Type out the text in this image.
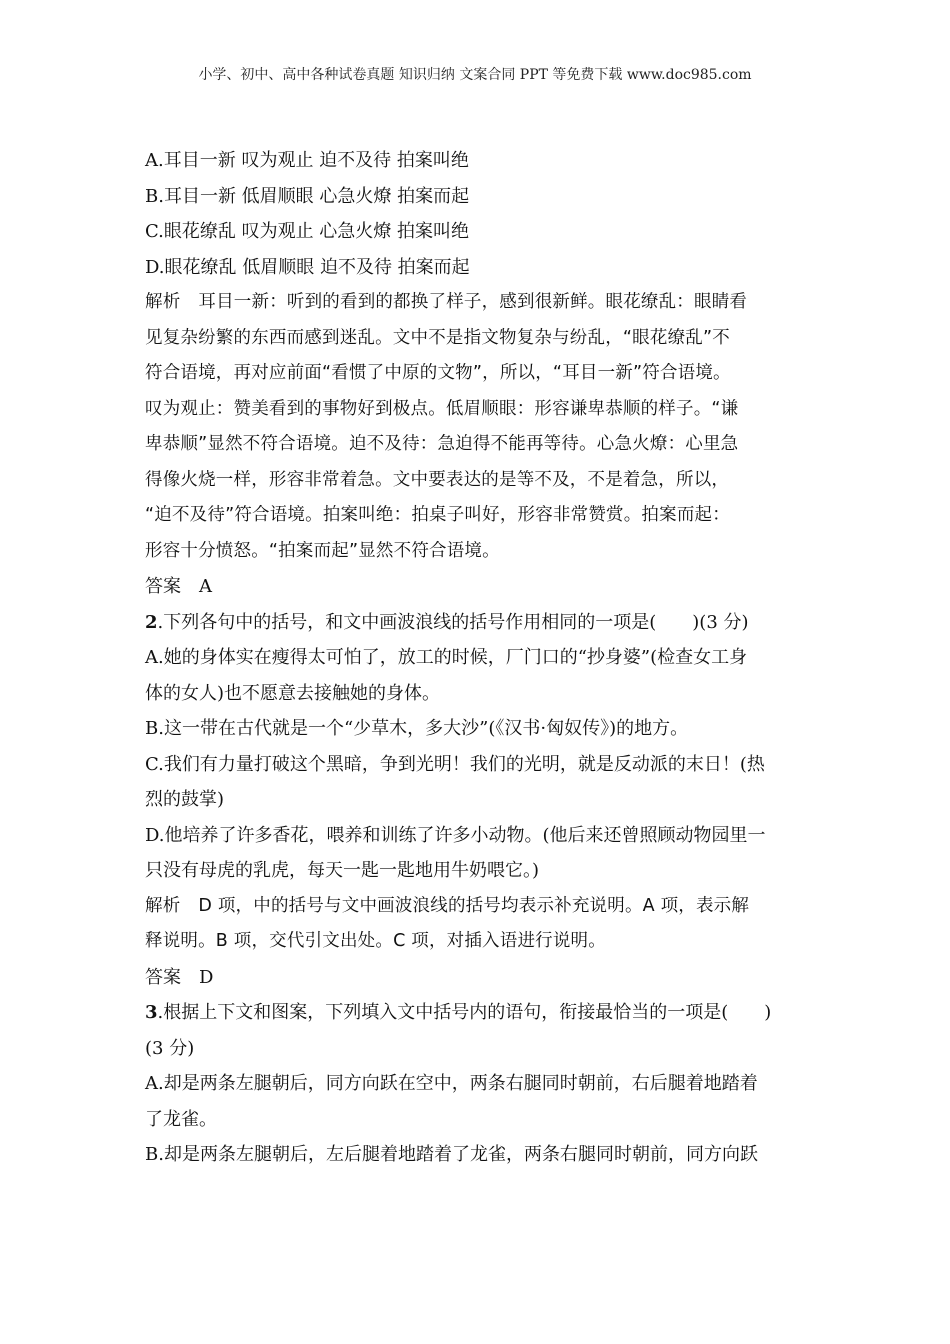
小学、初中、高中各种试卷真题 知识归纳 文案合同 PPT 等免费下载 www.doc985.com
A.耳目一新 叹为观止 迫不及待 拍案叫绝
B.耳目一新 低眉顺眼 心急火燎 拍案而起
C.眼花缭乱 叹为观止 心急火燎 拍案叫绝
D.眼花缭乱 低眉顺眼 迫不及待 拍案而起
解析 耳目一新：听到的看到的都换了样子，感到很新鲜。眼花缭乱：眼睛看
见复杂纷繁的东西而感到迷乱。文中不是指文物复杂与纷乱，“眼花缭乱”不
符合语境，再对应前面“看惯了中原的文物”，所以，“耳目一新”符合语境。
叹为观止：赞美看到的事物好到极点。低眉顺眼：形容谦卑恭顺的样子。“谦
卑恭顺”显然不符合语境。迫不及待：急迫得不能再等待。心急火燎：心里急
得像火烧一样，形容非常着急。文中要表达的是等不及，不是着急，所以，
“迫不及待”符合语境。拍案叫绝：拍桌子叫好，形容非常赞赏。拍案而起：
形容十分愤怒。“拍案而起”显然不符合语境。
答案 A
2.下列各句中的括号，和文中画波浪线的括号作用相同的一项是(　　)(3 分)
A.她的身体实在瘦得太可怕了，放工的时候，厂门口的“抄身婆”(检查女工身
体的女人)也不愿意去接触她的身体。
B.这一带在古代就是一个“少草木，多大沙”(《汉书·匈奴传》)的地方。
C.我们有力量打破这个黑暗，争到光明！我们的光明，就是反动派的末日！(热
烈的鼓掌)
D.他培养了许多香花，喂养和训练了许多小动物。(他后来还曾照顾动物园里一
只没有母虎的乳虎，每天一匙一匙地用牛奶喂它。)
解析 D 项，中的括号与文中画波浪线的括号均表示补充说明。A 项，表示解
释说明。B 项，交代引文出处。C 项，对插入语进行说明。
答案 D
3.根据上下文和图案，下列填入文中括号内的语句，衔接最恰当的一项是(　　)
(3 分)
A.却是两条左腿朝后，同方向跃在空中，两条右腿同时朝前，右后腿着地踏着
了龙雀。
B.却是两条左腿朝后，左后腿着地踏着了龙雀，两条右腿同时朝前，同方向跃
